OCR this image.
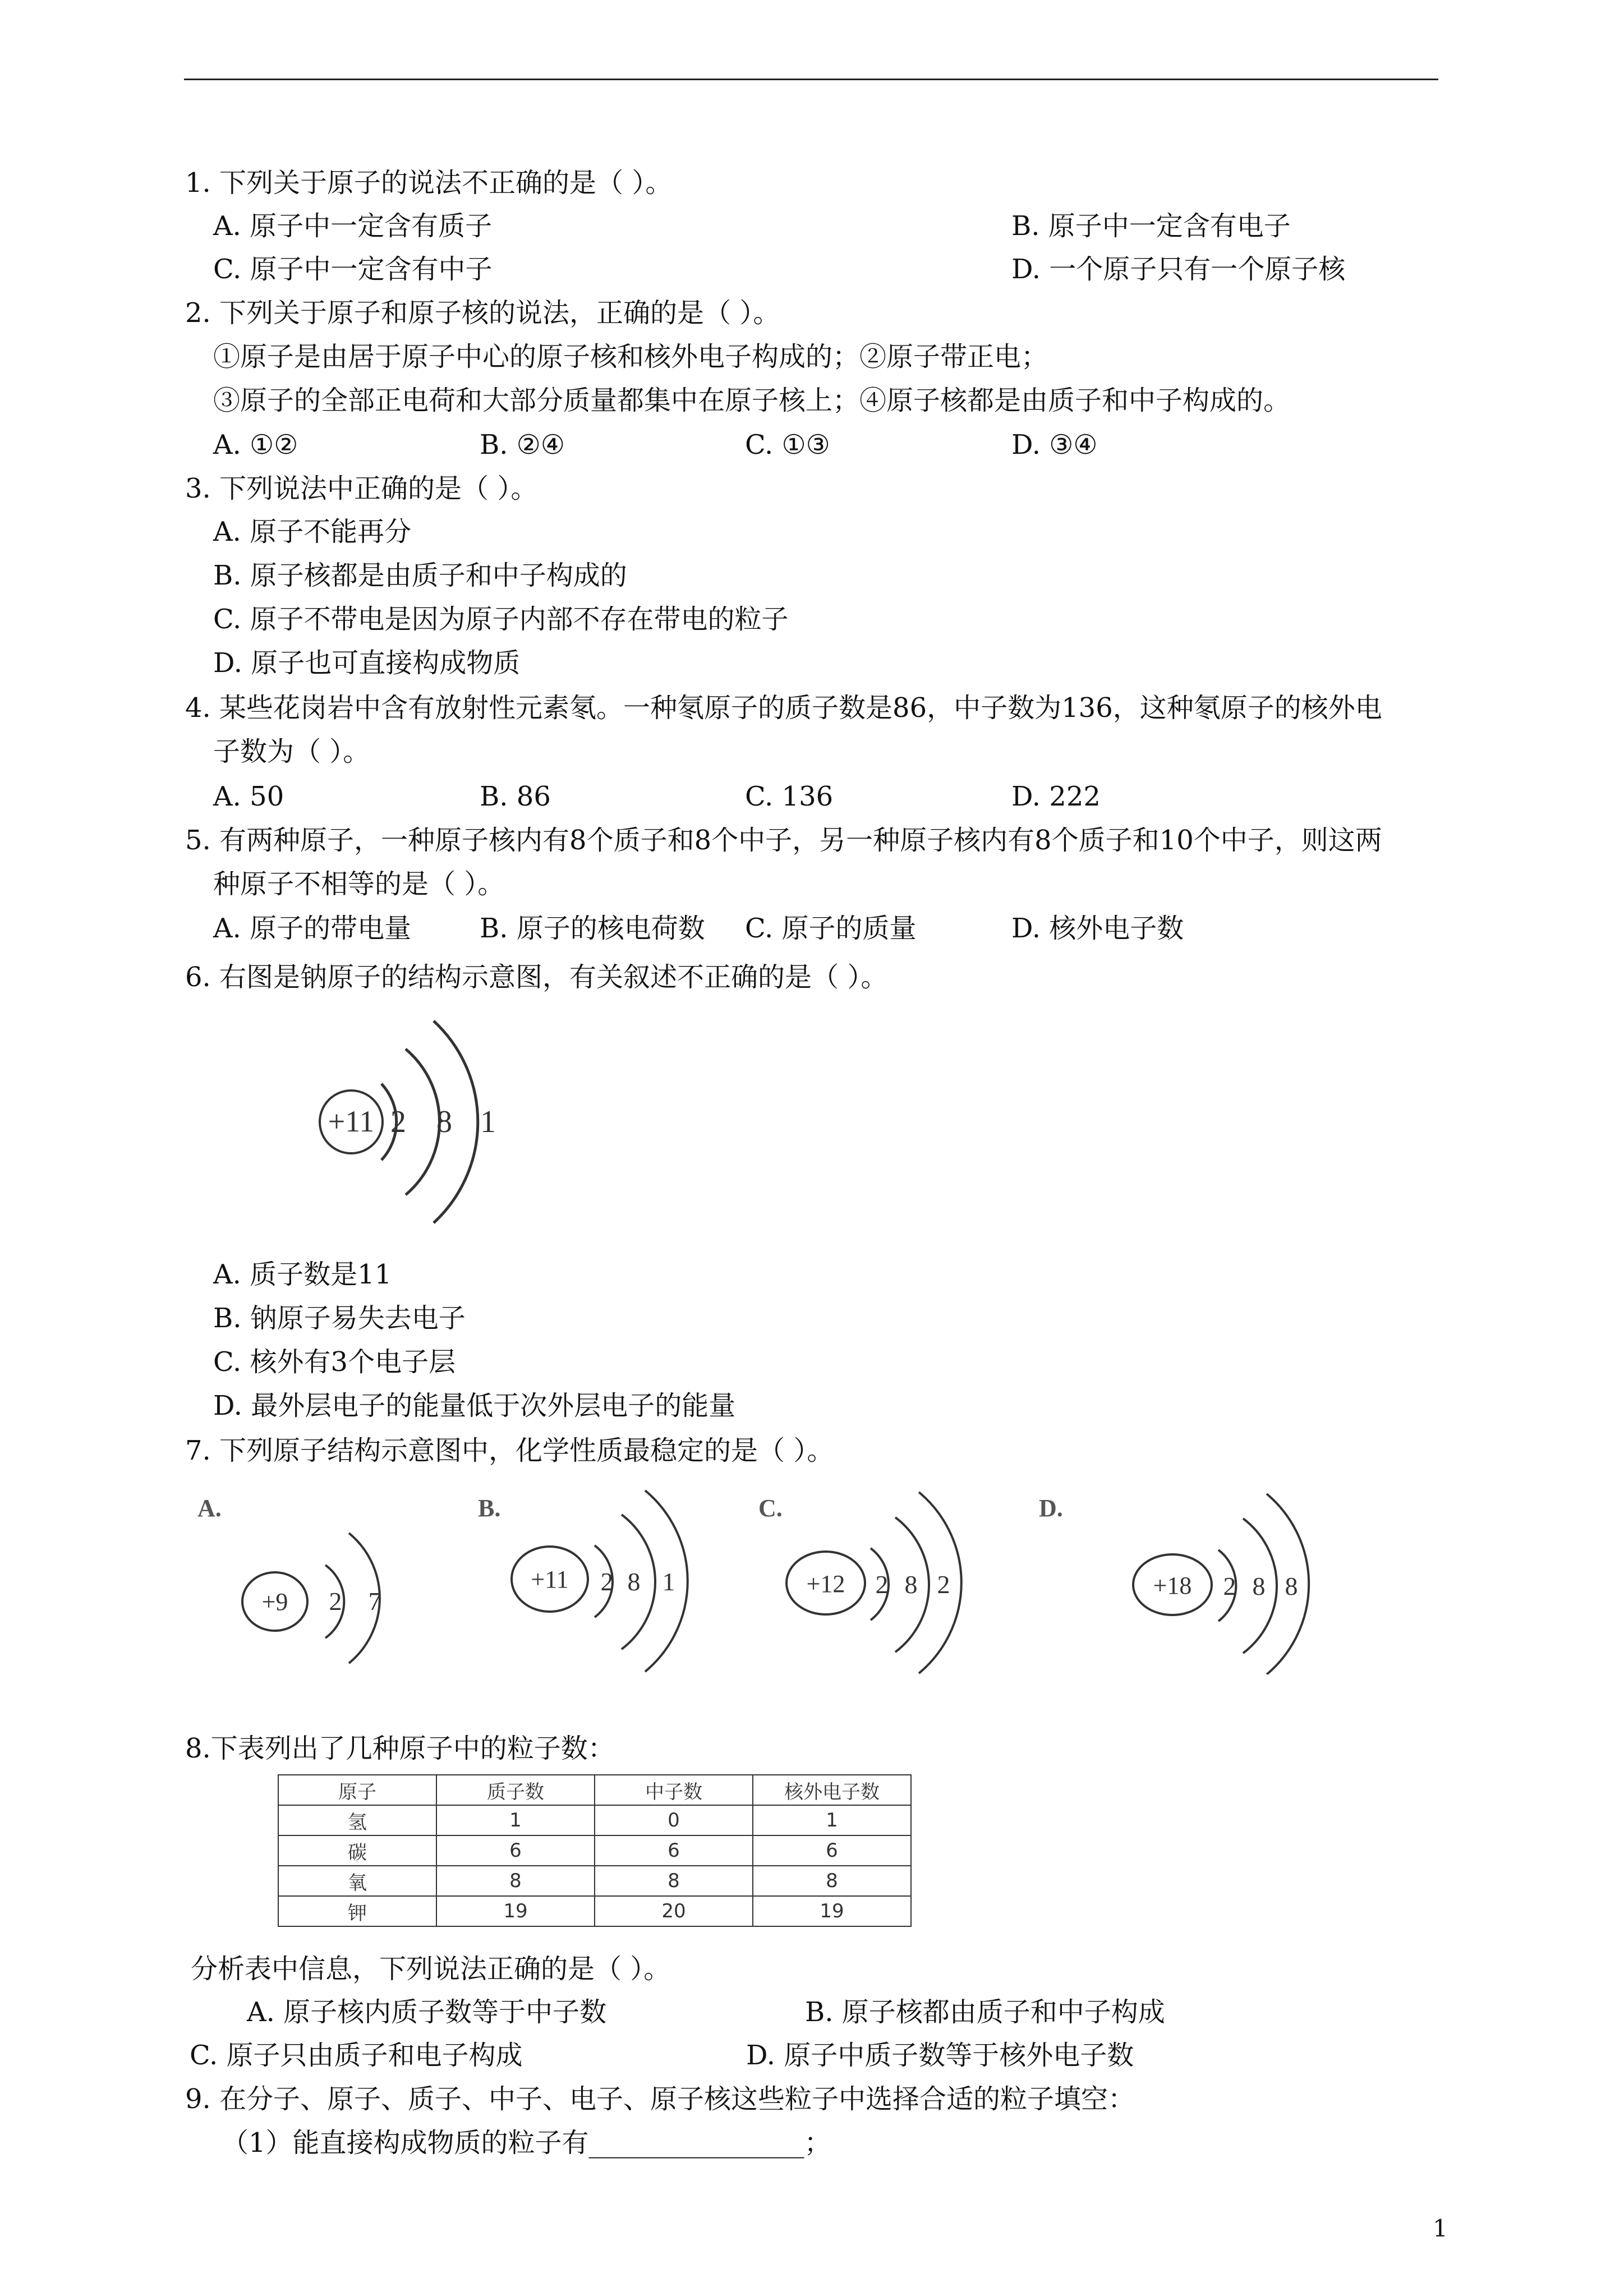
1. 下列关于原子的说法不正确的是（ ）。
A. 原子中一定含有质子	B. 原子中一定含有电子
C. 原子中一定含有中子	D. 一个原子只有一个原子核
2. 下列关于原子和原子核的说法，正确的是（ ）。
①原子是由居于原子中心的原子核和核外电子构成的；②原子带正电；
③原子的全部正电荷和大部分质量都集中在原子核上；④原子核都是由质子和中子构成的。
A. ①②	B. ②④	C. ①③	D. ③④
3. 下列说法中正确的是（ ）。
A. 原子不能再分
B. 原子核都是由质子和中子构成的
C. 原子不带电是因为原子内部不存在带电的粒子
D. 原子也可直接构成物质
4. 某些花岗岩中含有放射性元素氡。一种氡原子的质子数是86，中子数为136，这种氡原子的核外电
子数为（ ）。
A. 50	B. 86	C. 136	D. 222
5. 有两种原子，一种原子核内有8个质子和8个中子，另一种原子核内有8个质子和10个中子，则这两
种原子不相等的是（ ）。
A. 原子的带电量	B. 原子的核电荷数 C. 原子的质量	D. 核外电子数
6. 右图是钠原子的结构示意图，有关叙述不正确的是（ ）。
+11 2 8 1
A. 质子数是11
B. 钠原子易失去电子
C. 核外有3个电子层
D. 最外层电子的能量低于次外层电子的能量
7. 下列原子结构示意图中，化学性质最稳定的是（ ）。
A.
+9 2 7
B.
+11 2 8 1
C.
+12 2 8 2
D.
+18 2 8 8
8.下表列出了几种原子中的粒子数：
原子	质子数	中子数	核外电子数
氢	1	0	1
碳	6	6	6
氧	8	8	8
钾	19	20	19
分析表中信息，下列说法正确的是（ ）。
A. 原子核内质子数等于中子数	B. 原子核都由质子和中子构成
C. 原子只由质子和电子构成	D. 原子中质子数等于核外电子数
9. 在分子、原子、质子、中子、电子、原子核这些粒子中选择合适的粒子填空：
（1）能直接构成物质的粒子有________________；
1
